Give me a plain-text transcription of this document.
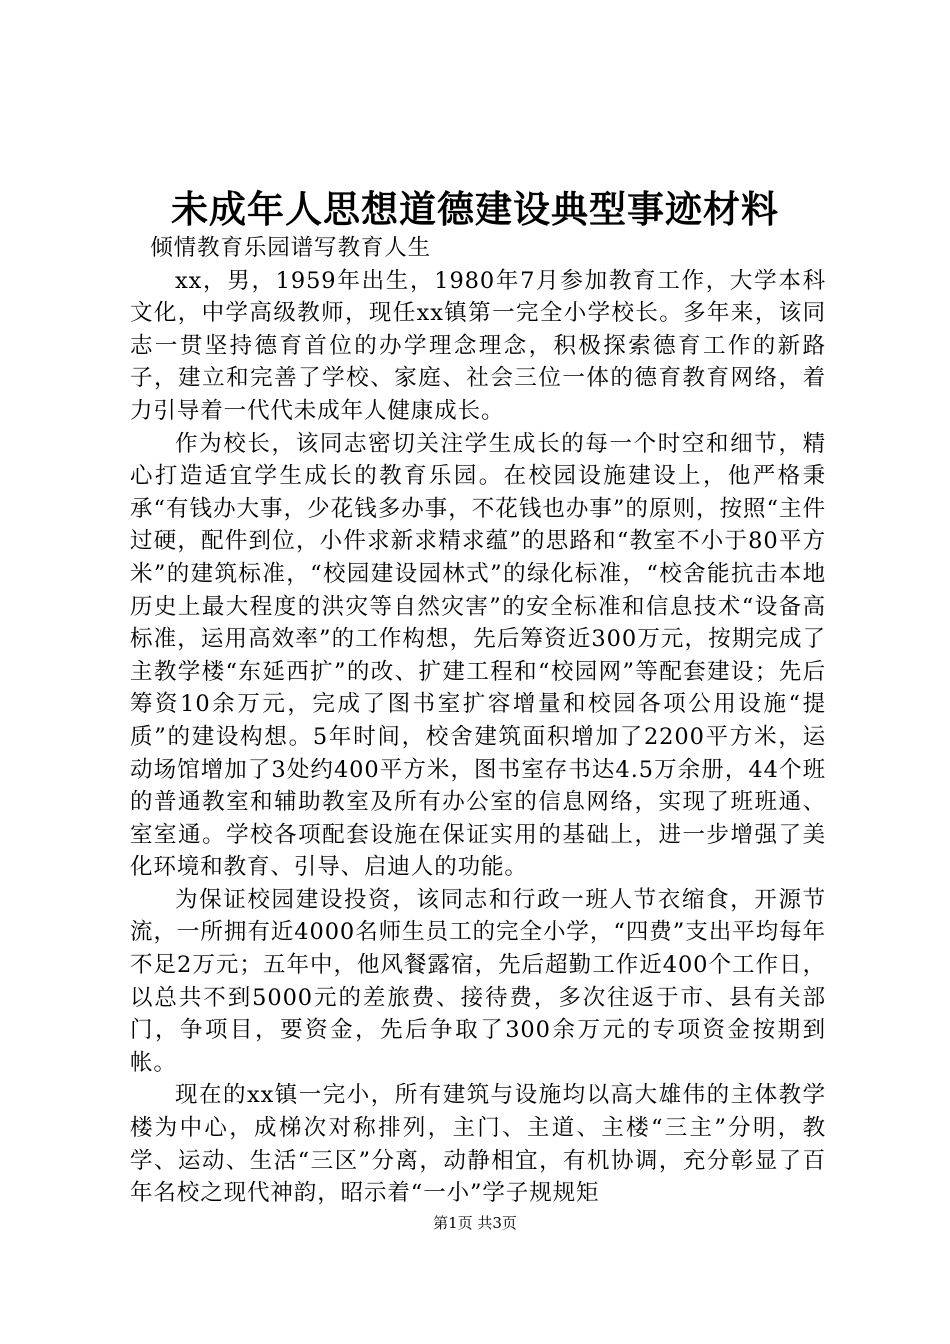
未成年人思想道德建设典型事迹材料

倾情教育乐园谱写教育人生

xx，男，1959年出生，1980年7月参加教育工作，大学本科文化，中学高级教师，现任xx镇第一完全小学校长。多年来，该同志一贯坚持德育首位的办学理念理念，积极探索德育工作的新路子，建立和完善了学校、家庭、社会三位一体的德育教育网络，着力引导着一代代未成年人健康成长。

作为校长，该同志密切关注学生成长的每一个时空和细节，精心打造适宜学生成长的教育乐园。在校园设施建设上，他严格秉承“有钱办大事，少花钱多办事，不花钱也办事”的原则，按照“主件过硬，配件到位，小件求新求精求蕴”的思路和“教室不小于80平方米”的建筑标准，“校园建设园林式”的绿化标准，“校舍能抗击本地历史上最大程度的洪灾等自然灾害”的安全标准和信息技术“设备高标准，运用高效率”的工作构想，先后筹资近300万元，按期完成了主教学楼“东延西扩”的改、扩建工程和“校园网”等配套建设；先后筹资10余万元，完成了图书室扩容增量和校园各项公用设施“提质”的建设构想。5年时间，校舍建筑面积增加了2200平方米，运动场馆增加了3处约400平方米，图书室存书达4.5万余册，44个班的普通教室和辅助教室及所有办公室的信息网络，实现了班班通、室室通。学校各项配套设施在保证实用的基础上，进一步增强了美化环境和教育、引导、启迪人的功能。

为保证校园建设投资，该同志和行政一班人节衣缩食，开源节流，一所拥有近4000名师生员工的完全小学，“四费”支出平均每年不足2万元；五年中，他风餐露宿，先后超勤工作近400个工作日，以总共不到5000元的差旅费、接待费，多次往返于市、县有关部门，争项目，要资金，先后争取了300余万元的专项资金按期到帐。

现在的xx镇一完小，所有建筑与设施均以高大雄伟的主体教学楼为中心，成梯次对称排列，主门、主道、主楼“三主”分明，教学、运动、生活“三区”分离，动静相宜，有机协调，充分彰显了百年名校之现代神韵，昭示着“一小”学子规规矩

第1页 共3页
